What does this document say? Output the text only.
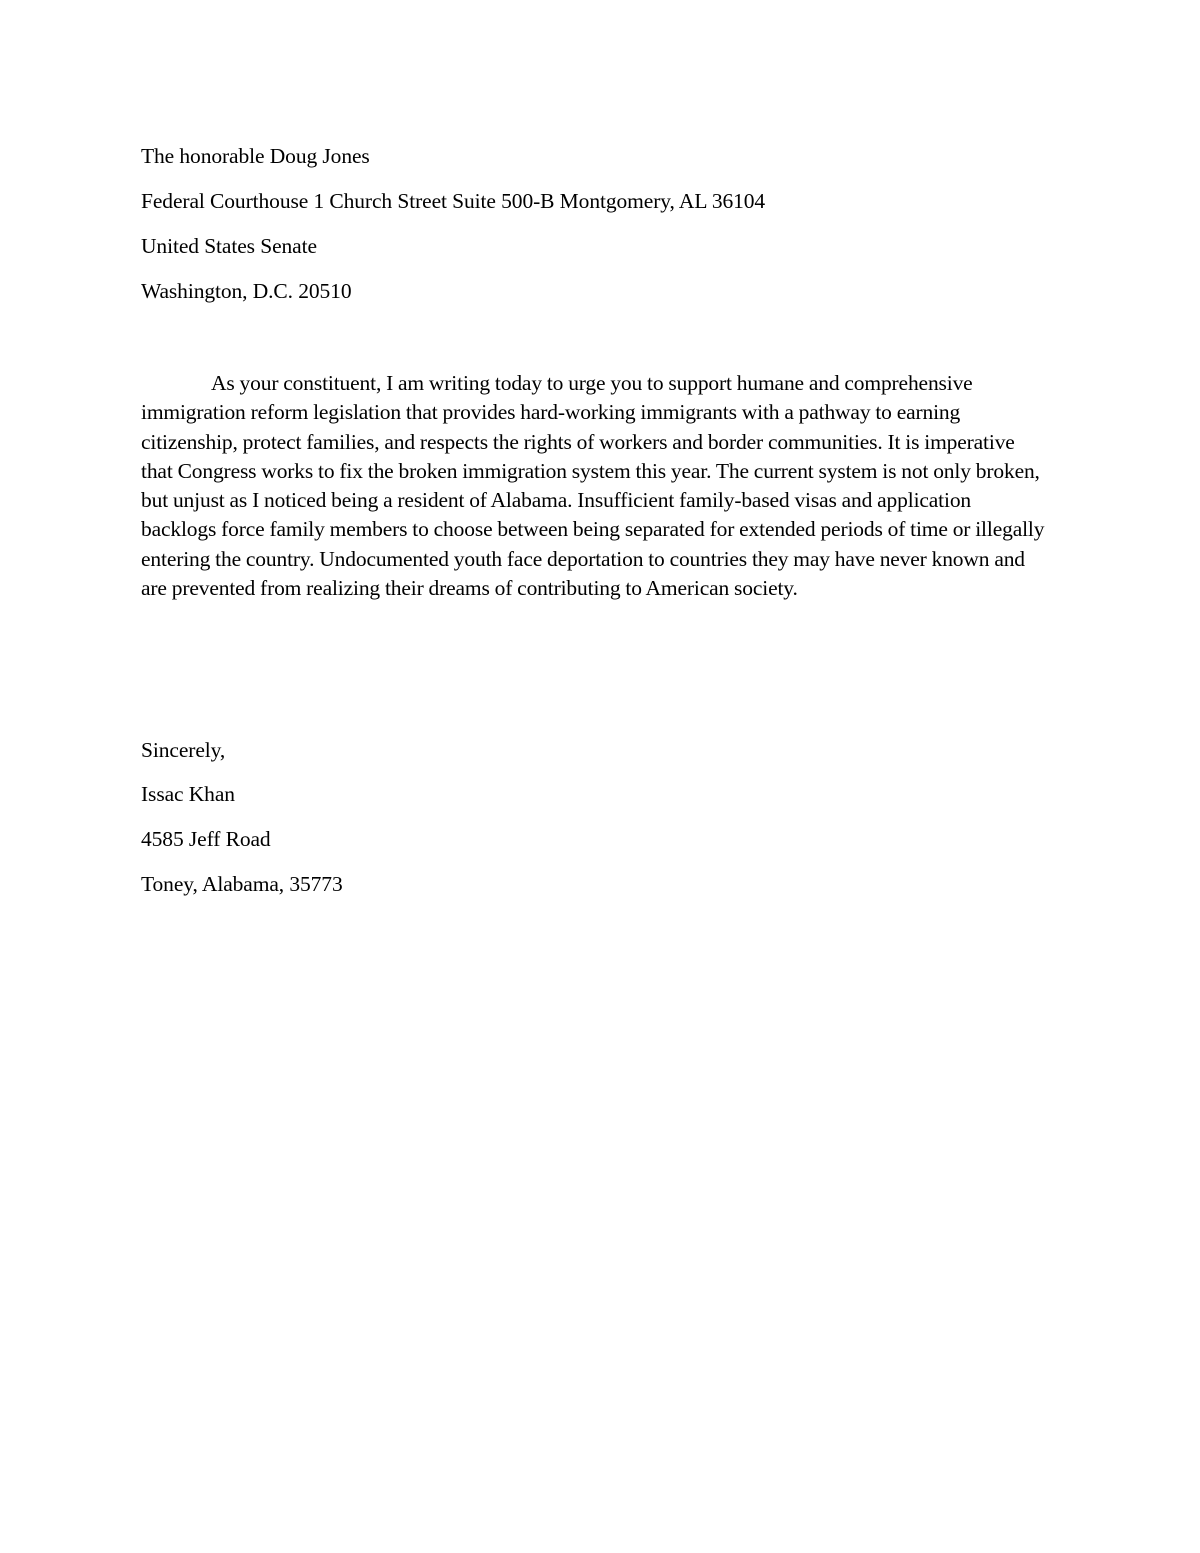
The honorable Doug Jones
Federal Courthouse 1 Church Street Suite 500-B Montgomery, AL 36104
United States Senate
Washington, D.C. 20510

As your constituent, I am writing today to urge you to support humane and comprehensive immigration reform legislation that provides hard-working immigrants with a pathway to earning citizenship, protect families, and respects the rights of workers and border communities. It is imperative that Congress works to fix the broken immigration system this year. The current system is not only broken, but unjust as I noticed being a resident of Alabama. Insufficient family-based visas and application backlogs force family members to choose between being separated for extended periods of time or illegally entering the country. Undocumented youth face deportation to countries they may have never known and are prevented from realizing their dreams of contributing to American society.

Sincerely,
Issac Khan
4585 Jeff Road
Toney, Alabama, 35773
